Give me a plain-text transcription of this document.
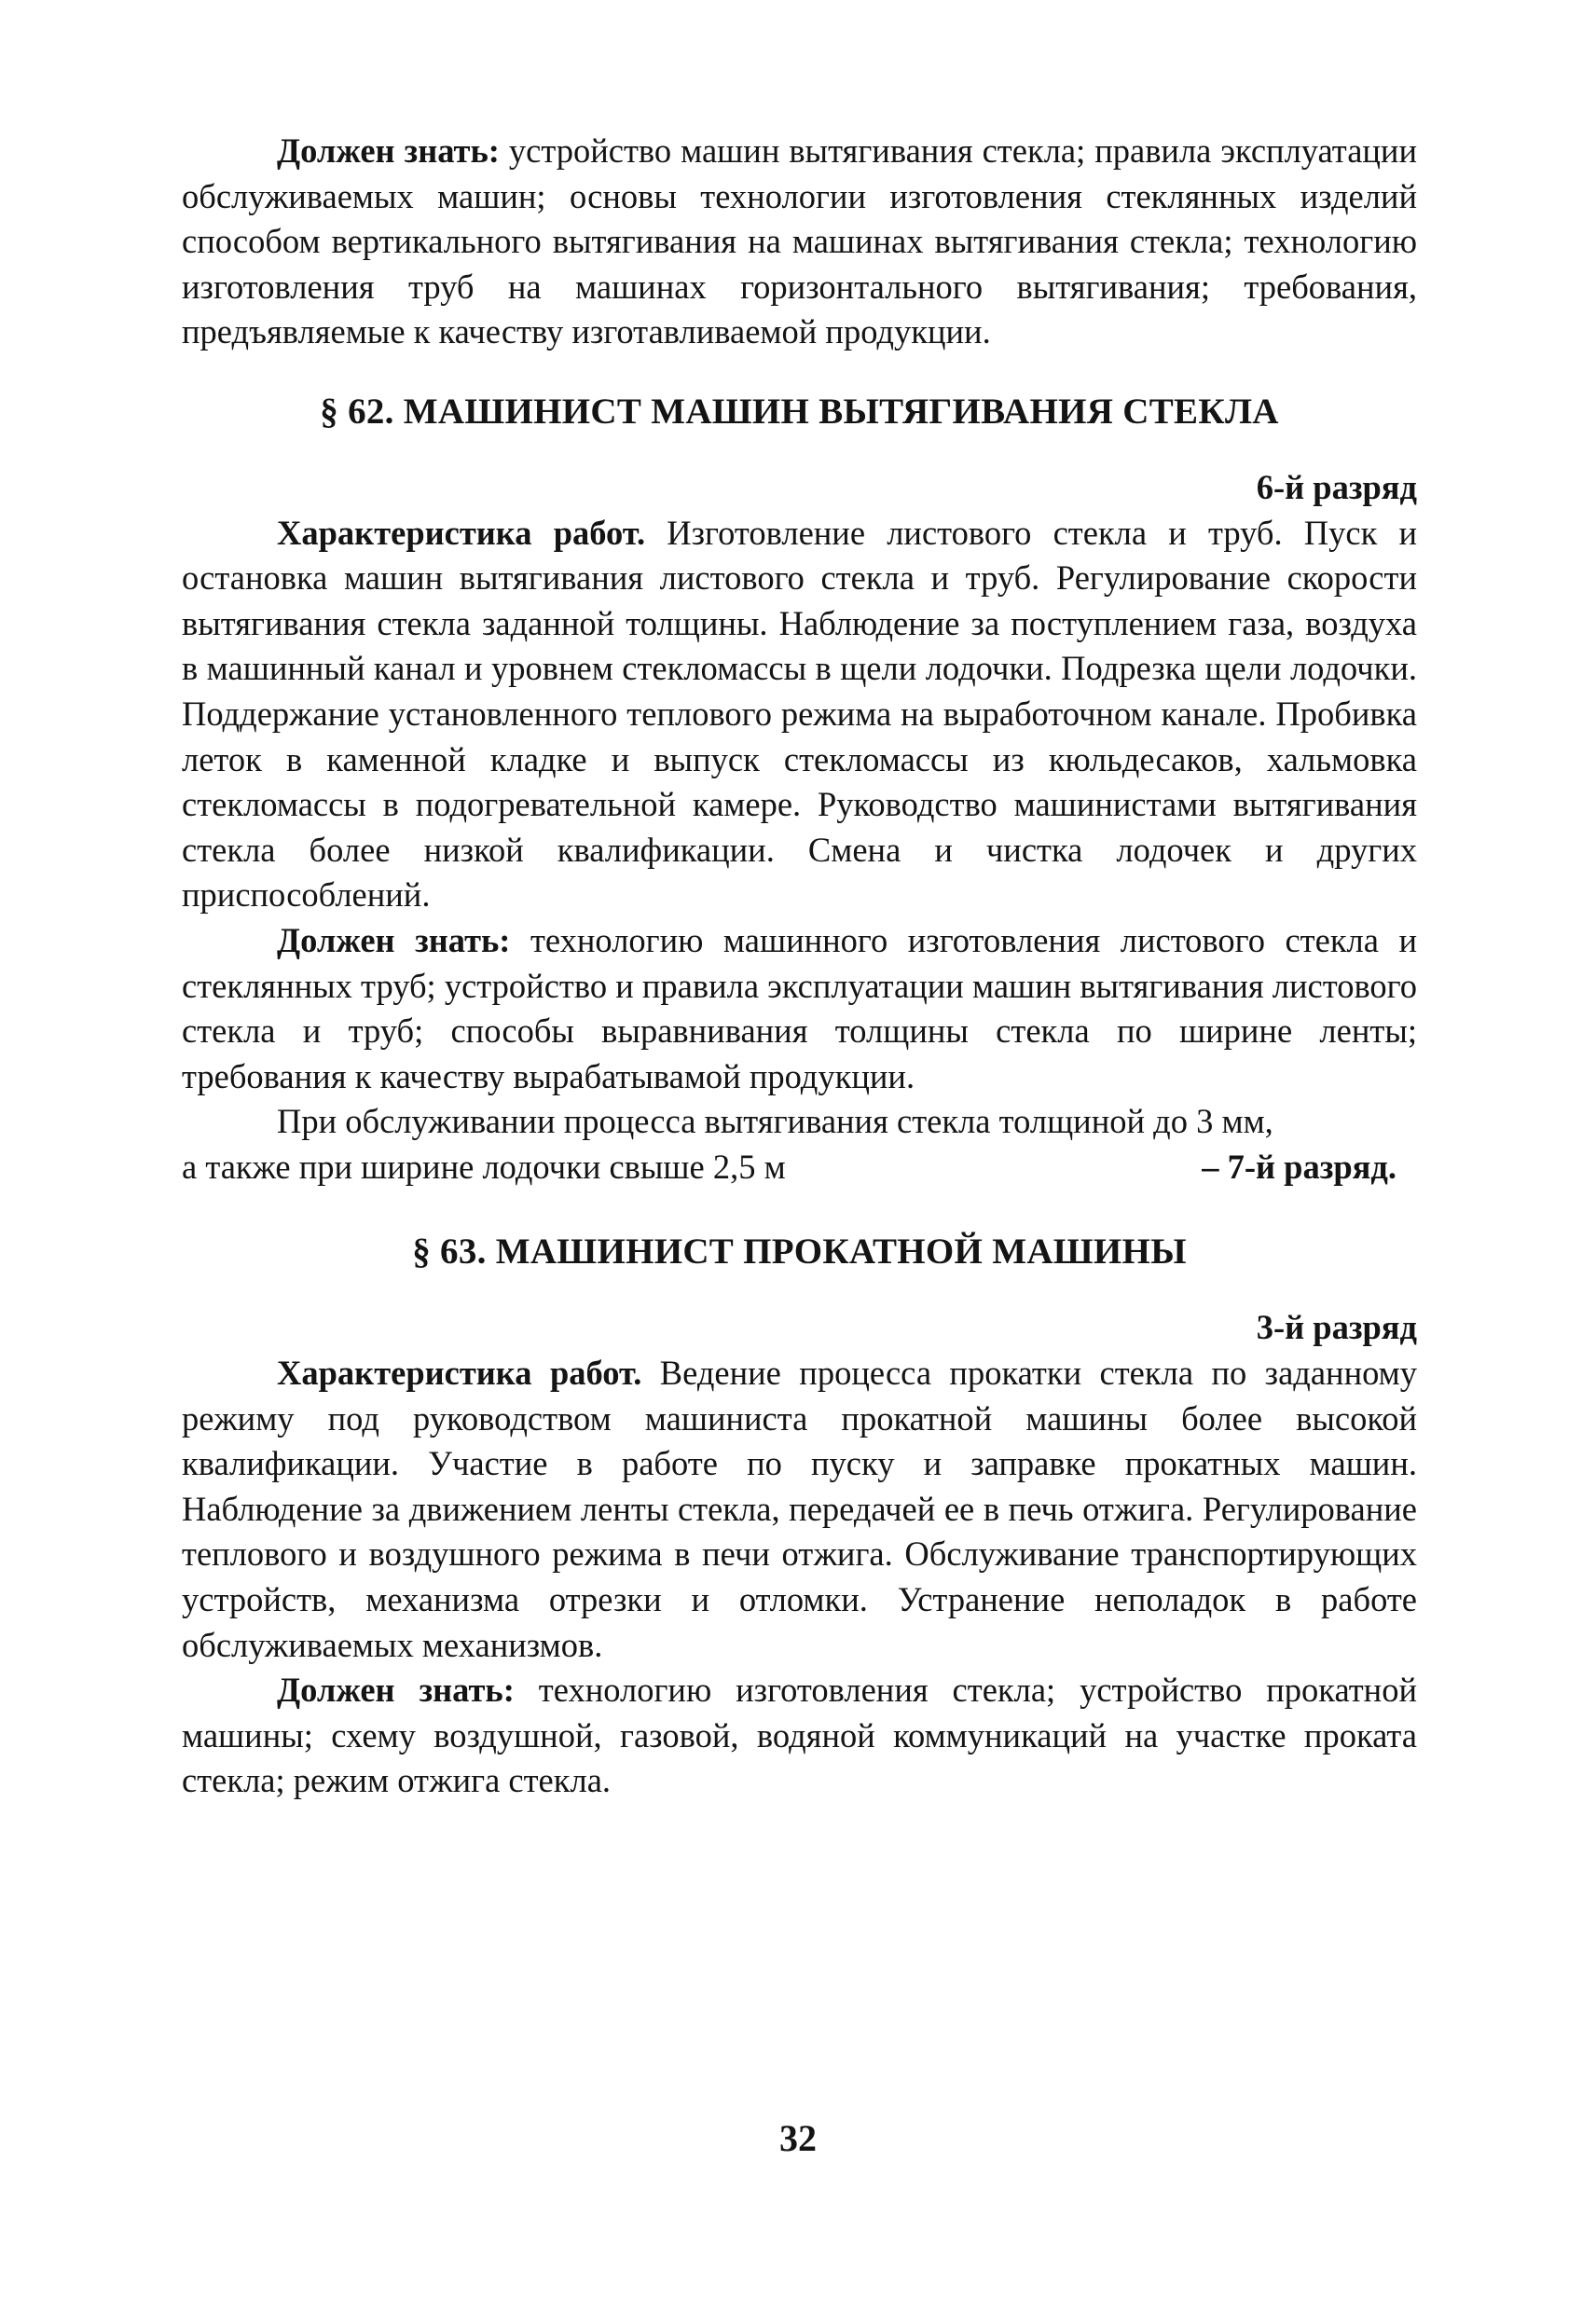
Должен знать: устройство машин вытягивания стекла; правила эксплуатации обслуживаемых машин; основы технологии изготовления стеклянных изделий способом вертикального вытягивания на машинах вытягивания стекла; технологию изготовления труб на машинах горизонтального вытягивания; требования, предъявляемые к качеству изготавливаемой продукции.

§ 62. МАШИНИСТ МАШИН ВЫТЯГИВАНИЯ СТЕКЛА
6-й разряд

Характеристика работ. Изготовление листового стекла и труб. Пуск и остановка машин вытягивания листового стекла и труб. Регулирование скорости вытягивания стекла заданной толщины. Наблюдение за поступлением газа, воздуха в машинный канал и уровнем стекломассы в щели лодочки. Подрезка щели лодочки. Поддержание установленного теплового режима на выработочном канале. Пробивка леток в каменной кладке и выпуск стекломассы из кюльдесаков, хальмовка стекломассы в подогревательной камере. Руководство машинистами вытягивания стекла более низкой квалификации. Смена и чистка лодочек и других приспособлений.

Должен знать: технологию машинного изготовления листового стекла и стеклянных труб; устройство и правила эксплуатации машин вытягивания листового стекла и труб; способы выравнивания толщины стекла по ширине ленты; требования к качеству вырабатывамой продукции.

При обслуживании процесса вытягивания стекла толщиной до 3 мм,

а также при ширине лодочки свыше 2,5 м	– 7-й разряд.
§ 63. МАШИНИСТ ПРОКАТНОЙ МАШИНЫ
3-й разряд

Характеристика работ. Ведение процесса прокатки стекла по заданному режиму под руководством машиниста прокатной машины более высокой квалификации. Участие в работе по пуску и заправке прокатных машин. Наблюдение за движением ленты стекла, передачей ее в печь отжига. Регулирование теплового и воздушного режима в печи отжига. Обслуживание транспортирующих устройств, механизма отрезки и отломки. Устранение неполадок в работе обслуживаемых механизмов.

Должен знать: технологию изготовления стекла; устройство прокатной машины; схему воздушной, газовой, водяной коммуникаций на участке проката стекла; режим отжига стекла.

32
